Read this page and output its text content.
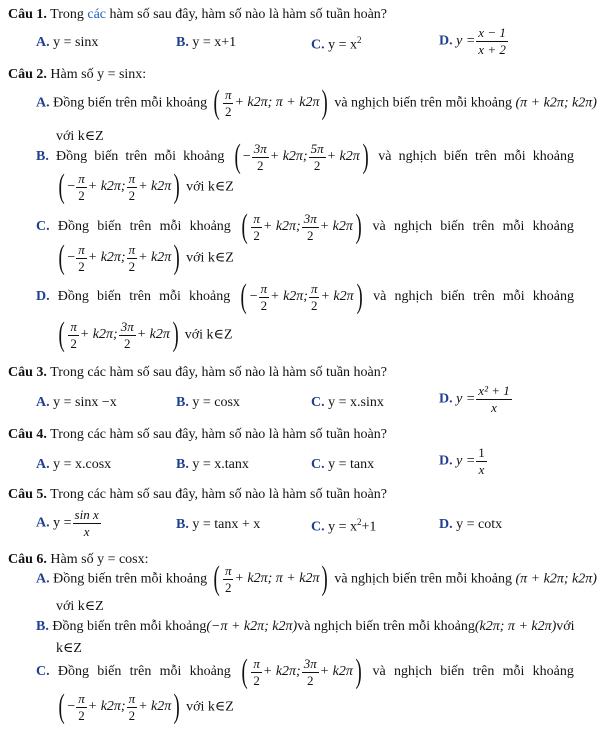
Câu 1. Trong các hàm số sau đây, hàm số nào là hàm số tuần hoàn?
A. y = sinx	B. y = x+1	C. $y = x^2$	D. $y = \frac{x - 1}{x + 2}$
Câu 2. Hàm số y = sinx:
A. Đồng biến trên mỗi khoảng ( $\frac{\pi}{2} + k2\pi$; π + k2π ) và nghịch biến trên mỗi khoảng (π + k2π; k2π)
với k∈Z
B. Đồng biến trên mỗi khoảng ( − $\frac{3\pi}{2} + k2\pi$; $\frac{5\pi}{2} + k2\pi$ ) và nghịch biến trên mỗi khoảng
( − $\frac{\pi}{2} + k2\pi$; $\frac{\pi}{2} + k2\pi$ ) với k∈Z
C. Đồng biến trên mỗi khoảng ( $\frac{\pi}{2} + k2\pi$; $\frac{3\pi}{2} + k2\pi$ ) và nghịch biến trên mỗi khoảng
( − $\frac{\pi}{2} + k2\pi$; $\frac{\pi}{2} + k2\pi$ ) với k∈Z
D. Đồng biến trên mỗi khoảng ( − $\frac{\pi}{2} + k2\pi$; $\frac{\pi}{2} + k2\pi$ ) và nghịch biến trên mỗi khoảng
( $\frac{\pi}{2} + k2\pi$; $\frac{3\pi}{2} + k2\pi$ ) với k∈Z
Câu 3. Trong các hàm số sau đây, hàm số nào là hàm số tuần hoàn?
A. y = sinx −x	B. y = cosx	C. y = x.sinx	D. $y = \frac{\text{x² + 1}}{x}$
Câu 4. Trong các hàm số sau đây, hàm số nào là hàm số tuần hoàn?
A. y = x.cosx	B. y = x.tanx	C. y = tanx	D. $y = \frac{1}{x}$
Câu 5. Trong các hàm số sau đây, hàm số nào là hàm số tuần hoàn?
A. $y = \frac{\text{sin x}}{x}$	B. y = tanx + x	C. $y = x^2+1$	D. y = cotx
Câu 6. Hàm số y = cosx:
A. Đồng biến trên mỗi khoảng ( $\frac{\pi}{2} + k2\pi$; π + k2π ) và nghịch biến trên mỗi khoảng (π + k2π; k2π)
với k∈Z
B. Đồng biến trên mỗi khoảng (−π + k2π; k2π) và nghịch biến trên mỗi khoảng (k2π; π + k2π) với
k∈Z
C. Đồng biến trên mỗi khoảng ( $\frac{\pi}{2} + k2\pi$; $\frac{3\pi}{2} + k2\pi$ ) và nghịch biến trên mỗi khoảng
( − $\frac{\pi}{2} + k2\pi$; $\frac{\pi}{2} + k2\pi$ ) với k∈Z
